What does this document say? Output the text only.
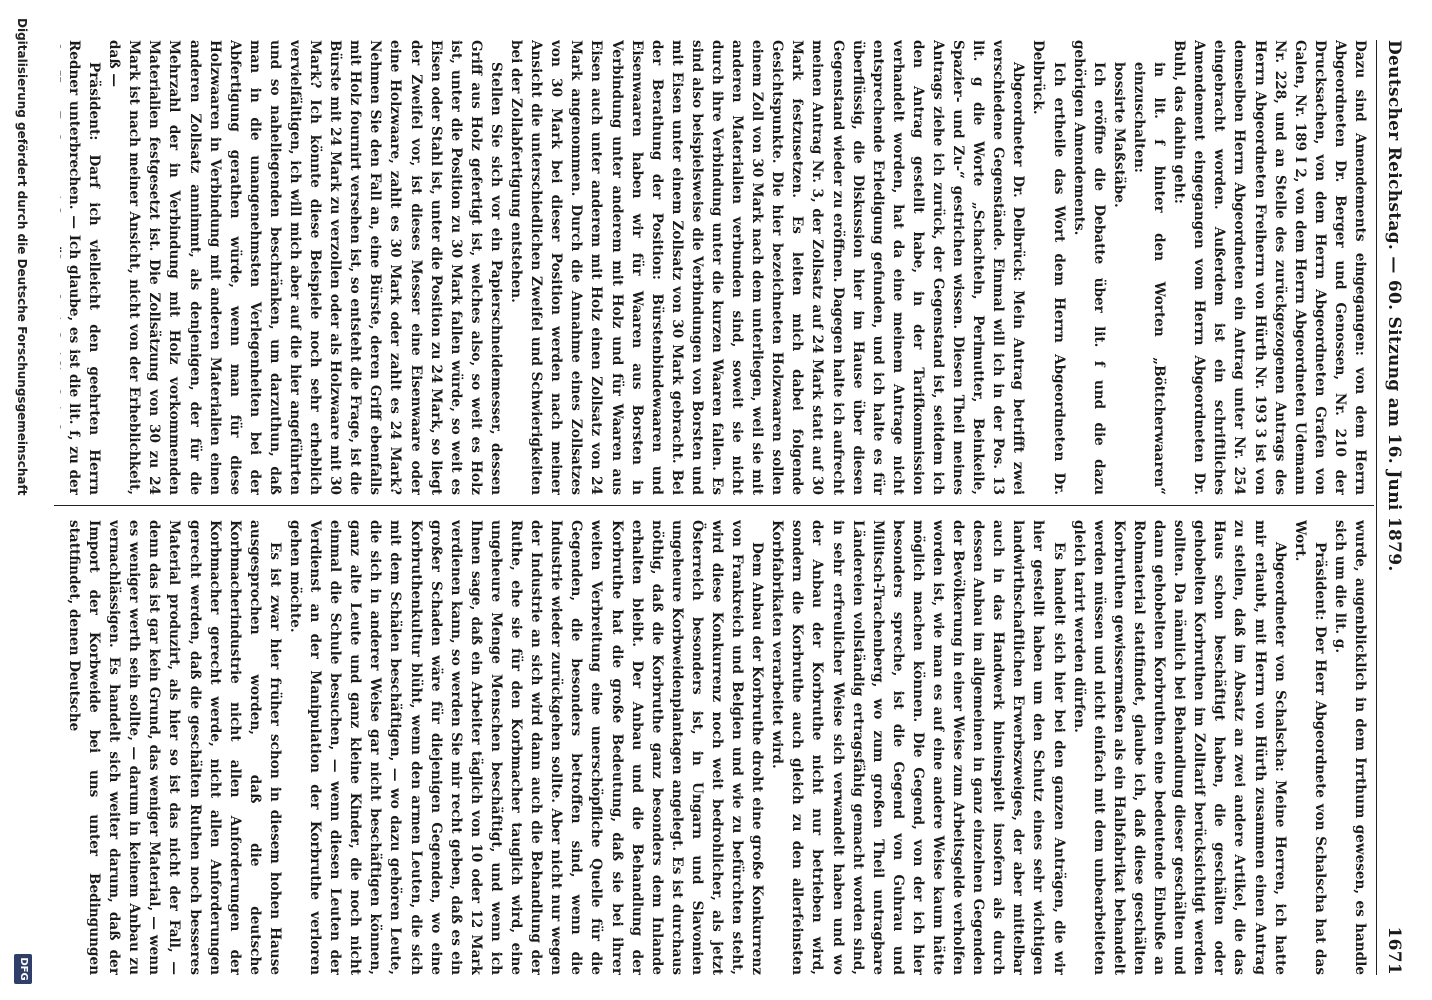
Deutscher Reichstag. — 60. Sitzung am 16. Juni 1879.
1671

Dazu sind Amendements eingegangen: von dem Herrn Abgeordneten Dr. Berger und Genossen, Nr. 210 der Drucksachen, von dem Herrn Abgeordneten Grafen von Galen, Nr. 189 I 2, von dem Herrn Abgeordneten Udemann Nr. 228, und an Stelle des zurückgezogenen Antrags des Herrn Abgeordneten Freiherrn von Hürth Nr. 193 3 ist von demselben Herrn Abgeordneten ein Antrag unter Nr. 254 eingebracht worden. Außerdem ist ein schriftliches Amendement eingegangen vom Herrn Abgeordneten Dr. Buhl, das dahin geht:

in lit. f hinter den Worten „Böttcherwaaren“ einzuschalten:

bossirte Maßstäbe.

Ich eröffne die Debatte über lit. f und die dazu gehörigen Amendements.

Ich ertheile das Wort dem Herrn Abgeordneten Dr. Delbrück.

Abgeordneter Dr. Delbrück: Mein Antrag betrifft zwei verschiedene Gegenstände. Einmal will ich in der Pos. 13 lit. g die Worte „Schachteln, Perlmutter, Beinkeile, Spazier- und Zu-“ gestrichen wissen. Diesen Theil meines Antrags ziehe ich zurück, der Gegenstand ist, seitdem ich den Antrag gestellt habe, in der Tarifkommission verhandelt worden, hat da eine meinem Antrage nicht entsprechende Erledigung gefunden, und ich halte es für überflüssig, die Diskussion hier im Hause über diesen Gegenstand wieder zu eröffnen. Dagegen halte ich aufrecht meinen Antrag Nr. 3, der Zollsatz auf 24 Mark statt auf 30 Mark festzusetzen. Es leiten mich dabei folgende Gesichtspunkte. Die hier bezeichneten Holzwaaren sollen einem Zoll von 30 Mark nach dem unterliegen, weil sie mit anderen Materialien verbunden sind, soweit sie nicht durch ihre Verbindung unter die kurzen Waaren fallen. Es sind also beispielsweise die Verbindungen von Borsten und mit Eisen unter einem Zollsatz von 30 Mark gebracht. Bei der Berathung der Position: Bürstenbindewaaren und Eisenwaaren haben wir für Waaren aus Borsten in Verbindung unter anderem mit Holz und für Waaren aus Eisen auch unter anderem mit Holz einen Zollsatz von 24 Mark angenommen. Durch die Annahme eines Zollsatzes von 30 Mark bei dieser Position werden nach meiner Ansicht die unterschiedlichen Zweifel und Schwierigkeiten bei der Zollabfertigung entstehen.

Stellen Sie sich vor ein Papierschneidemesser, dessen Griff aus Holz gefertigt ist, welches also, so weit es Holz ist, unter die Position zu 30 Mark fallen würde, so weit es Eisen oder Stahl ist, unter die Position zu 24 Mark, so liegt der Zweifel vor, ist dieses Messer eine Eisenwaare oder eine Holzwaare, zahlt es 30 Mark oder zahlt es 24 Mark? Nehmen Sie den Fall an, eine Bürste, deren Griff ebenfalls mit Holz fournirt versehen ist, so entsteht die Frage, ist die Bürste mit 24 Mark zu verzollen oder als Holzwaare mit 30 Mark? Ich könnte diese Beispiele noch sehr erheblich vervielfältigen, ich will mich aber auf die hier angeführten und so naheliegenden beschränken, um darzuthun, daß man in die unangenehmsten Verlegenheiten bei der Abfertigung gerathen würde, wenn man für diese Holzwaaren in Verbindung mit anderen Materialien einen anderen Zollsatz annimmt, als denjenigen, der für die Mehrzahl der in Verbindung mit Holz vorkommenden Materialien festgesetzt ist. Die Zollsätzung von 30 zu 24 Mark ist nach meiner Ansicht, nicht von der Erheblichkeit, daß —

Präsident: Darf ich vielleicht den geehrten Herrn Redner unterbrechen. — Ich glaube, es ist die lit. f, zu der

wurde, augenblicklich in dem Irrthum gewesen, es handle sich um die lit. g.

Präsident: Der Herr Abgeordnete von Schalscha hat das Wort.

Abgeordneter von Schalscha: Meine Herren, ich hatte mir erlaubt, mit Herrn von Hürth zusammen einen Antrag zu stellen, daß im Absatz an zwei andere Artikel, die das Haus schon beschäftigt haben, die geschälten oder gehobelten Korbruthen im Zolltarif berücksichtigt werden sollten. Da nämlich bei Behandlung dieser geschälten und dann gehobelten Korbruthen eine bedeutende Einbuße an Rohmaterial stattfindet, glaube ich, daß diese geschälten Korbruthen gewissermaßen als ein Halbfabrikat behandelt werden müssen und nicht einfach mit dem unbearbeiteten gleich tarirt werden dürfen.

Es handelt sich hier bei den ganzen Anträgen, die wir hier gestellt haben um den Schutz eines sehr wichtigen landwirthschaftlichen Erwerbszweiges, der aber mittelbar auch in das Handwerk hineinspielt insofern als durch dessen Anbau im allgemeinen in ganz einzelnen Gegenden der Bevölkerung in einer Weise zum Arbeitsgelde verholfen worden ist, wie man es auf eine andere Weise kaum hätte möglich machen können. Die Gegend, von der ich hier besonders spreche, ist die Gegend von Guhrau und Militsch-Trachenberg, wo zum großen Theil untragbare Ländereien vollständig ertragsfähig gemacht worden sind, in sehr erfreulicher Weise sich verwandelt haben und wo der Anbau der Korbruthe nicht nur betrieben wird, sondern die Korbruthe auch gleich zu den allerfeinsten Korbfabrikaten verarbeitet wird.

Dem Anbau der Korbruthe droht eine große Konkurrenz von Frankreich und Belgien und wie zu befürchten steht, wird diese Konkurrenz noch weit bedrohlicher, als jetzt Österreich besonders ist, in Ungarn und Slavonien ungeheure Korbweidenplantagen angelegt. Es ist durchaus nöthig, daß die Korbruthe ganz besonders dem Inlande erhalten bleibt. Der Anbau und die Behandlung der Korbruthe hat die große Bedeutung, daß sie bei ihrer weiten Verbreitung eine unerschöpfliche Quelle für die Gegenden, die besonders betroffen sind, wenn die Industrie wieder zurückgehen sollte. Aber nicht nur wegen der Industrie an sich wird dann auch die Behandlung der Ruthe, ehe sie für den Korbmacher tauglich wird, eine ungeheure Menge Menschen beschäftigt, und wenn ich Ihnen sage, daß ein Arbeiter täglich von 10 oder 12 Mark verdienen kann, so werden Sie mir recht geben, daß es ein großer Schaden wäre für diejenigen Gegenden, wo eine Korbruthenkultur blüht, wenn den armen Leuten, die sich mit dem Schälen beschäftigen, — wo dazu gehören Leute, die sich in anderer Weise gar nicht beschäftigen können, ganz alte Leute und ganz kleine Kinder, die noch nicht einmal die Schule besuchen, — wenn diesen Leuten der Verdienst an der Manipulation der Korbruthe verloren gehen möchte.

Es ist zwar hier früher schon in diesem hohen Hause ausgesprochen worden, daß die deutsche Korbmacherindustrie nicht allen Anforderungen der Korbmacher gerecht werde, nicht allen Anforderungen gerecht werden, daß die geschälten Ruthen noch besseres Material produzirt, als hier so ist das nicht der Fall, — denn das ist gar kein Grund, das weniger Material, — wenn es weniger werth sein sollte, — darum in keinem Anbau zu vernachlässigen. Es handelt sich weiter darum, daß der Import der Korbweide bei uns unter Bedingungen stattfindet, denen Deutsche

Digitalisierung gefördert durch die Deutsche Forschungsgemeinschaft
DFG
